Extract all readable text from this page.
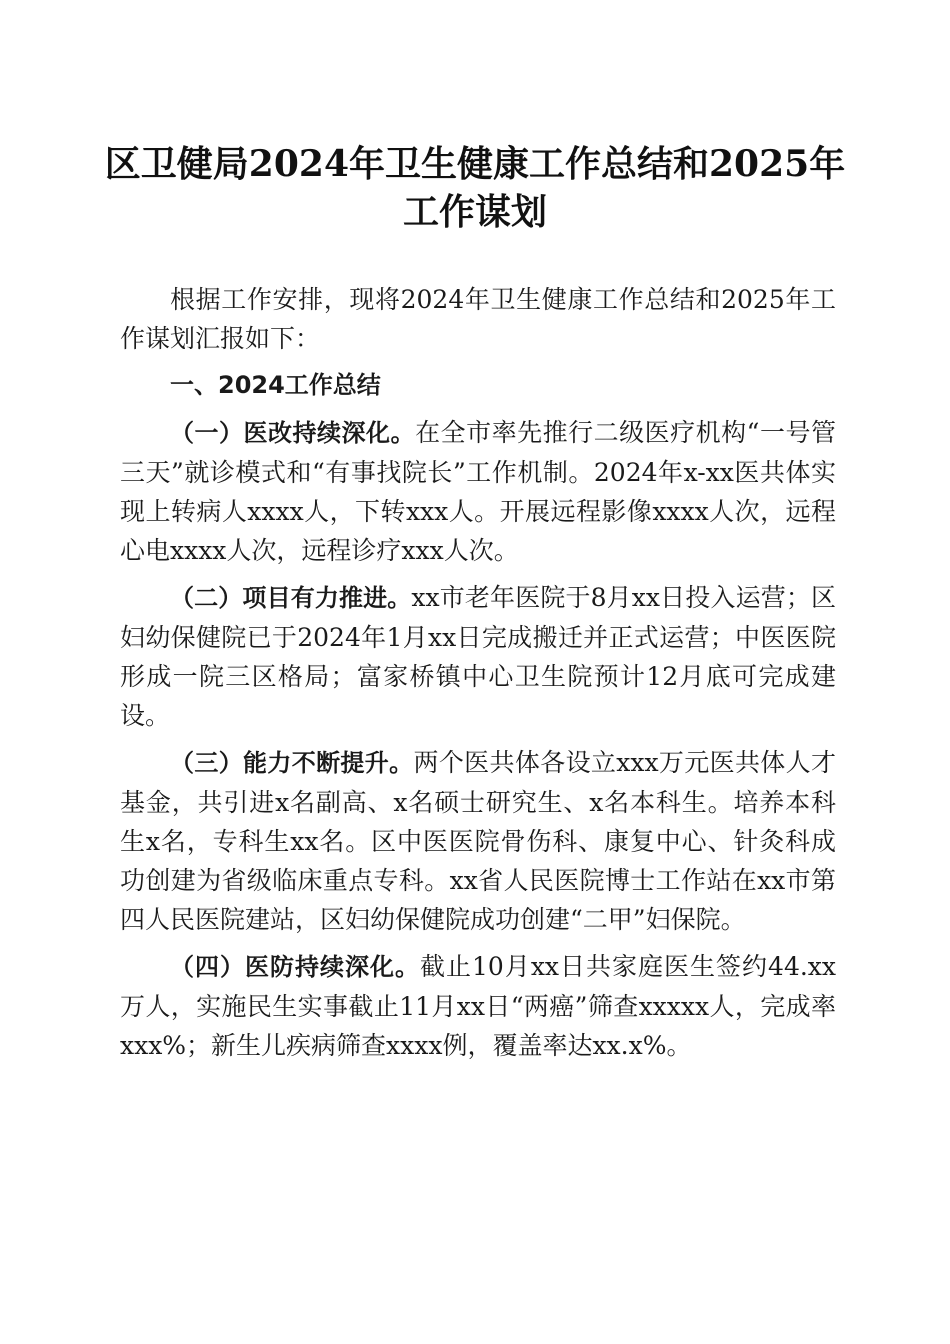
区卫健局2024年卫生健康工作总结和2025年
工作谋划

根据工作安排，现将2024年卫生健康工作总结和2025年工作谋划汇报如下：

一、2024工作总结

（一）医改持续深化。在全市率先推行二级医疗机构“一号管三天”就诊模式和“有事找院长”工作机制。2024年x-xx医共体实现上转病人xxxx人，下转xxx人。开展远程影像xxxx人次，远程心电xxxx人次，远程诊疗xxx人次。

（二）项目有力推进。xx市老年医院于8月xx日投入运营；区妇幼保健院已于2024年1月xx日完成搬迁并正式运营；中医医院形成一院三区格局；富家桥镇中心卫生院预计12月底可完成建设。

（三）能力不断提升。两个医共体各设立xxx万元医共体人才基金，共引进x名副高、x名硕士研究生、x名本科生。培养本科生x名，专科生xx名。区中医医院骨伤科、康复中心、针灸科成功创建为省级临床重点专科。xx省人民医院博士工作站在xx市第四人民医院建站，区妇幼保健院成功创建“二甲”妇保院。

（四）医防持续深化。截止10月xx日共家庭医生签约44.xx万人，实施民生实事截止11月xx日“两癌”筛查xxxxx人，完成率xxx%；新生儿疾病筛查xxxx例，覆盖率达xx.x%。
